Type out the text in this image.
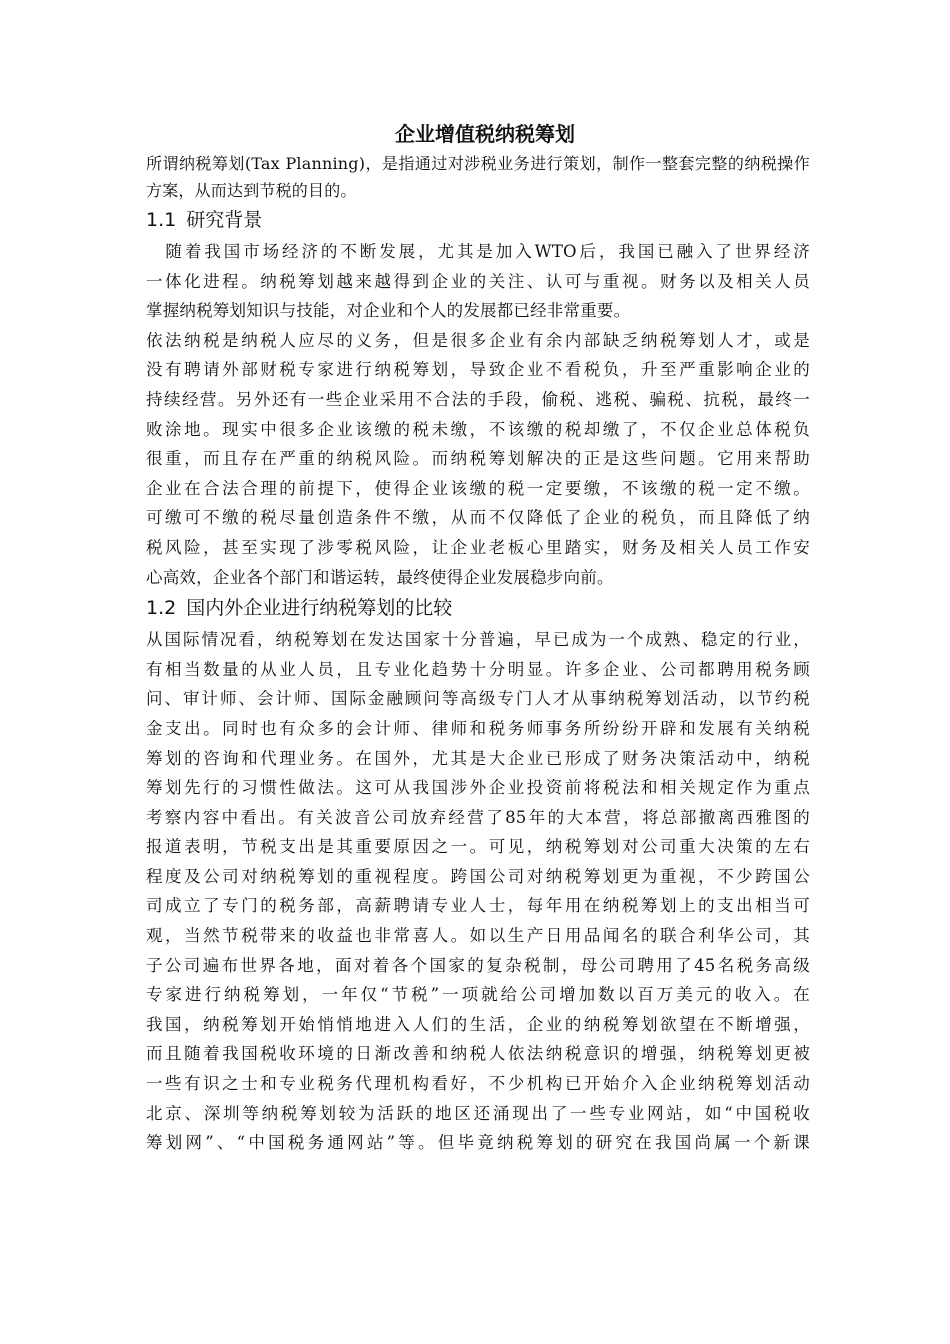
企业增值税纳税筹划
所谓纳税筹划(Tax Planning)，是指通过对涉税业务进行策划，制作一整套完整的纳税操作
方案，从而达到节税的目的。
1.1 研究背景
　随着我国市场经济的不断发展，尤其是加入WTO后，我国已融入了世界经济
一体化进程。纳税筹划越来越得到企业的关注、认可与重视。财务以及相关人员
掌握纳税筹划知识与技能，对企业和个人的发展都已经非常重要。
依法纳税是纳税人应尽的义务，但是很多企业有余内部缺乏纳税筹划人才，或是
没有聘请外部财税专家进行纳税筹划，导致企业不看税负，升至严重影响企业的
持续经营。另外还有一些企业采用不合法的手段，偷税、逃税、骗税、抗税，最终一
败涂地。现实中很多企业该缴的税未缴，不该缴的税却缴了，不仅企业总体税负
很重，而且存在严重的纳税风险。而纳税筹划解决的正是这些问题。它用来帮助
企业在合法合理的前提下，使得企业该缴的税一定要缴，不该缴的税一定不缴。
可缴可不缴的税尽量创造条件不缴，从而不仅降低了企业的税负，而且降低了纳
税风险，甚至实现了涉零税风险，让企业老板心里踏实，财务及相关人员工作安
心高效，企业各个部门和谐运转，最终使得企业发展稳步向前。
1.2 国内外企业进行纳税筹划的比较
从国际情况看，纳税筹划在发达国家十分普遍，早已成为一个成熟、稳定的行业，
有相当数量的从业人员，且专业化趋势十分明显。许多企业、公司都聘用税务顾
问、审计师、会计师、国际金融顾问等高级专门人才从事纳税筹划活动，以节约税
金支出。同时也有众多的会计师、律师和税务师事务所纷纷开辟和发展有关纳税
筹划的咨询和代理业务。在国外，尤其是大企业已形成了财务决策活动中，纳税
筹划先行的习惯性做法。这可从我国涉外企业投资前将税法和相关规定作为重点
考察内容中看出。有关波音公司放弃经营了85年的大本营，将总部撤离西雅图的
报道表明，节税支出是其重要原因之一。可见，纳税筹划对公司重大决策的左右
程度及公司对纳税筹划的重视程度。跨国公司对纳税筹划更为重视，不少跨国公
司成立了专门的税务部，高薪聘请专业人士，每年用在纳税筹划上的支出相当可
观，当然节税带来的收益也非常喜人。如以生产日用品闻名的联合利华公司，其
子公司遍布世界各地，面对着各个国家的复杂税制，母公司聘用了45名税务高级
专家进行纳税筹划，一年仅“节税”一项就给公司增加数以百万美元的收入。在
我国，纳税筹划开始悄悄地进入人们的生活，企业的纳税筹划欲望在不断增强，
而且随着我国税收环境的日渐改善和纳税人依法纳税意识的增强，纳税筹划更被
一些有识之士和专业税务代理机构看好，不少机构已开始介入企业纳税筹划活动
北京、深圳等纳税筹划较为活跃的地区还涌现出了一些专业网站，如“中国税收
筹划网”、“中国税务通网站”等。但毕竟纳税筹划的研究在我国尚属一个新课
